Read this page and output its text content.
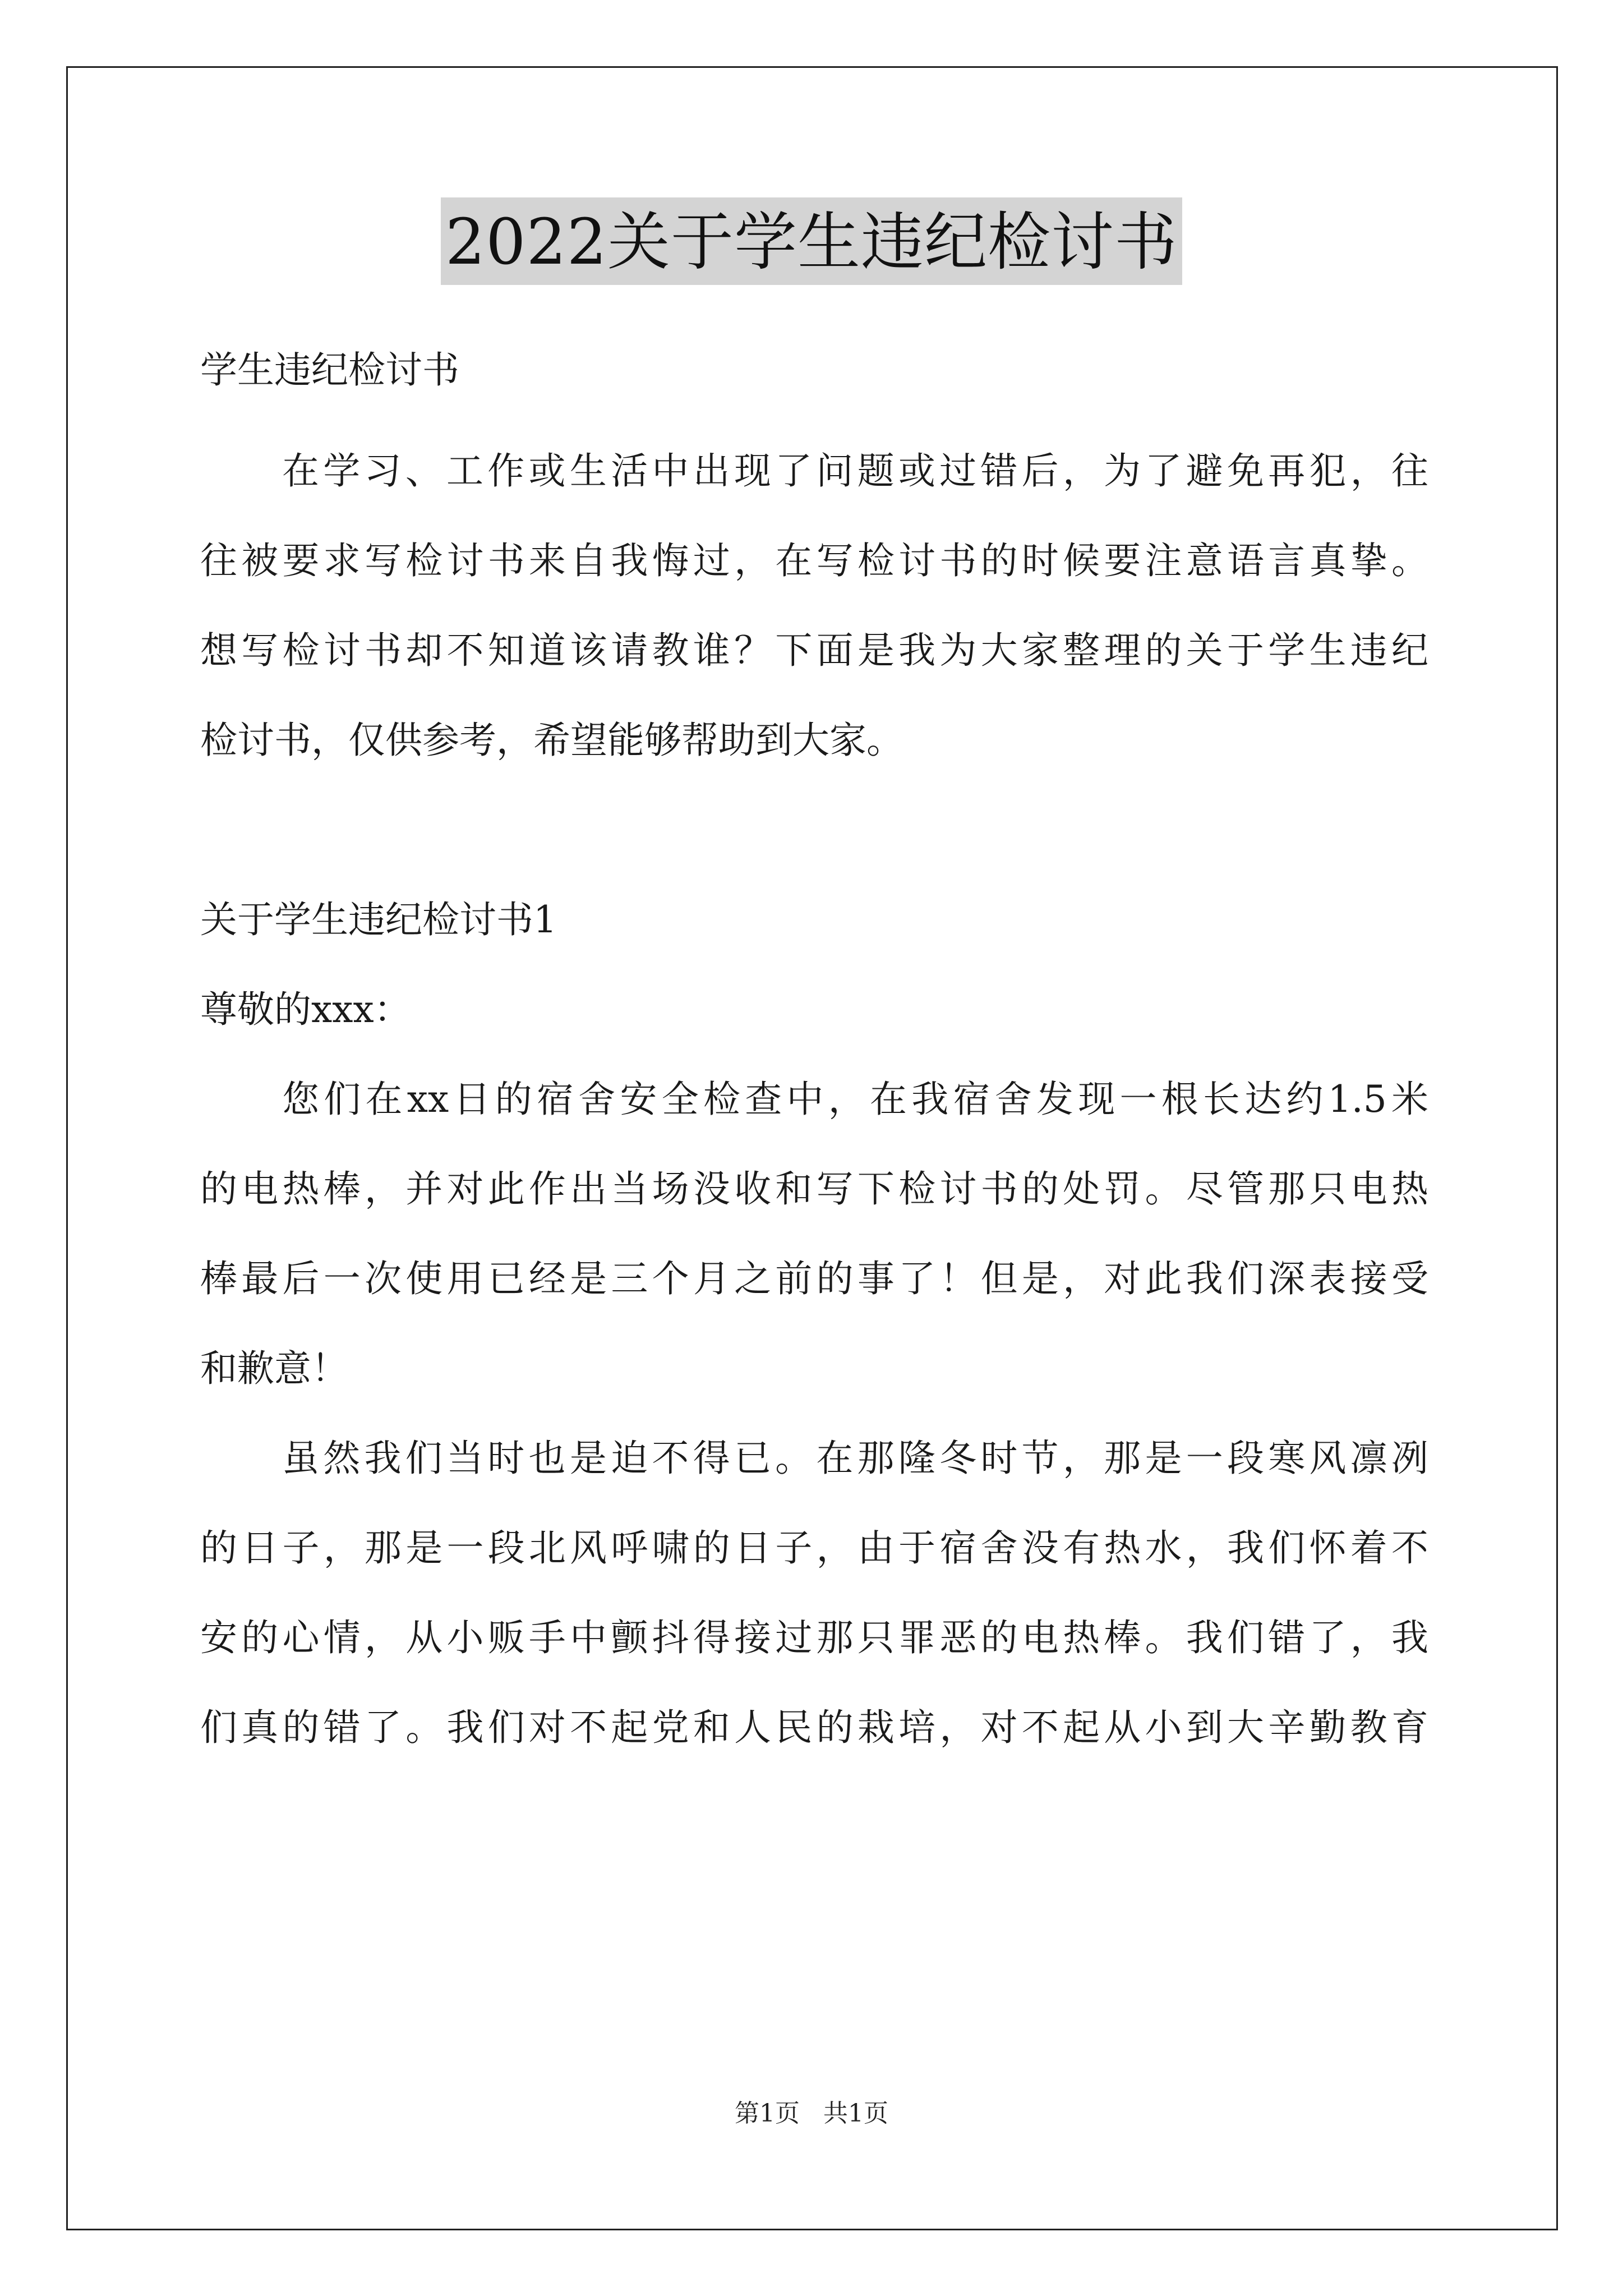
2022关于学生违纪检讨书
学生违纪检讨书
在学习、工作或生活中出现了问题或过错后，为了避免再犯，往
往被要求写检讨书来自我悔过，在写检讨书的时候要注意语言真挚。
想写检讨书却不知道该请教谁？下面是我为大家整理的关于学生违纪
检讨书，仅供参考，希望能够帮助到大家。
关于学生违纪检讨书1
尊敬的xxx：
您们在xx日的宿舍安全检查中，在我宿舍发现一根长达约1.5米
的电热棒，并对此作出当场没收和写下检讨书的处罚。尽管那只电热
棒最后一次使用已经是三个月之前的事了！但是，对此我们深表接受
和歉意！
虽然我们当时也是迫不得已。在那隆冬时节，那是一段寒风凛冽
的日子，那是一段北风呼啸的日子，由于宿舍没有热水，我们怀着不
安的心情，从小贩手中颤抖得接过那只罪恶的电热棒。我们错了，我
们真的错了。我们对不起党和人民的栽培，对不起从小到大辛勤教育
第1页 共1页
